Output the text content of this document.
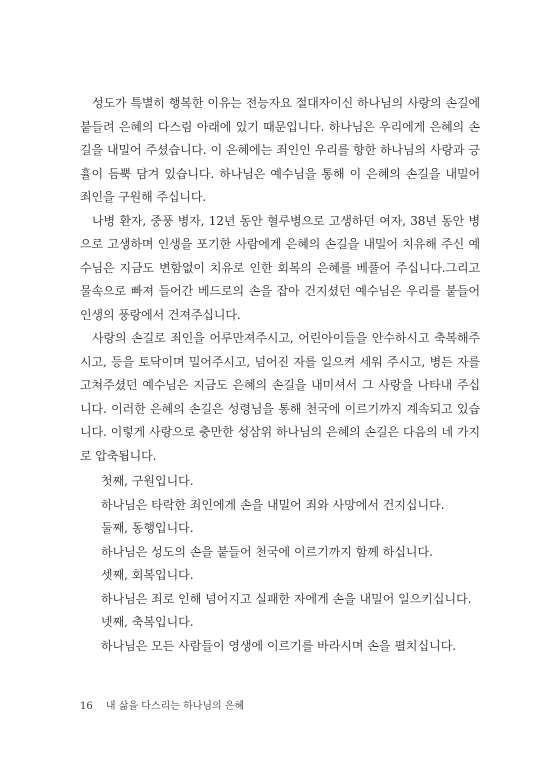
성도가 특별히 행복한 이유는 전능자요 절대자이신 하나님의 사랑의 손길에 붙들려 은혜의 다스림 아래에 있기 때문입니다. 하나님은 우리에게 은혜의 손길을 내밀어 주셨습니다. 이 은혜에는 죄인인 우리를 향한 하나님의 사랑과 긍휼이 듬뿍 담겨 있습니다. 하나님은 예수님을 통해 이 은혜의 손길을 내밀어 죄인을 구원해 주십니다.

나병 환자, 중풍 병자, 12년 동안 혈루병으로 고생하던 여자, 38년 동안 병으로 고생하며 인생을 포기한 사람에게 은혜의 손길을 내밀어 치유해 주신 예수님은 지금도 변함없이 치유로 인한 회복의 은혜를 베풀어 주십니다.그리고 물속으로 빠져 들어간 베드로의 손을 잡아 건지셨던 예수님은 우리를 붙들어 인생의 풍랑에서 건져주십니다.

사랑의 손길로 죄인을 어루만져주시고, 어린아이들을 안수하시고 축복해주시고, 등을 토닥이며 밀어주시고, 넘어진 자를 일으켜 세워 주시고, 병든 자를 고쳐주셨던 예수님은 지금도 은혜의 손길을 내미셔서 그 사랑을 나타내 주십니다. 이러한 은혜의 손길은 성령님을 통해 천국에 이르기까지 계속되고 있습니다. 이렇게 사랑으로 충만한 성삼위 하나님의 은혜의 손길은 다음의 네 가지로 압축됩니다.

첫째, 구원입니다.

하나님은 타락한 죄인에게 손을 내밀어 죄와 사망에서 건지십니다.

둘째, 동행입니다.

하나님은 성도의 손을 붙들어 천국에 이르기까지 함께 하십니다.

셋째, 회복입니다.

하나님은 죄로 인해 넘어지고 실패한 자에게 손을 내밀어 일으키십니다.

넷째, 축복입니다.

하나님은 모든 사람들이 영생에 이르기를 바라시며 손을 펼치십니다.

16 내 삶을 다스리는 하나님의 은혜
